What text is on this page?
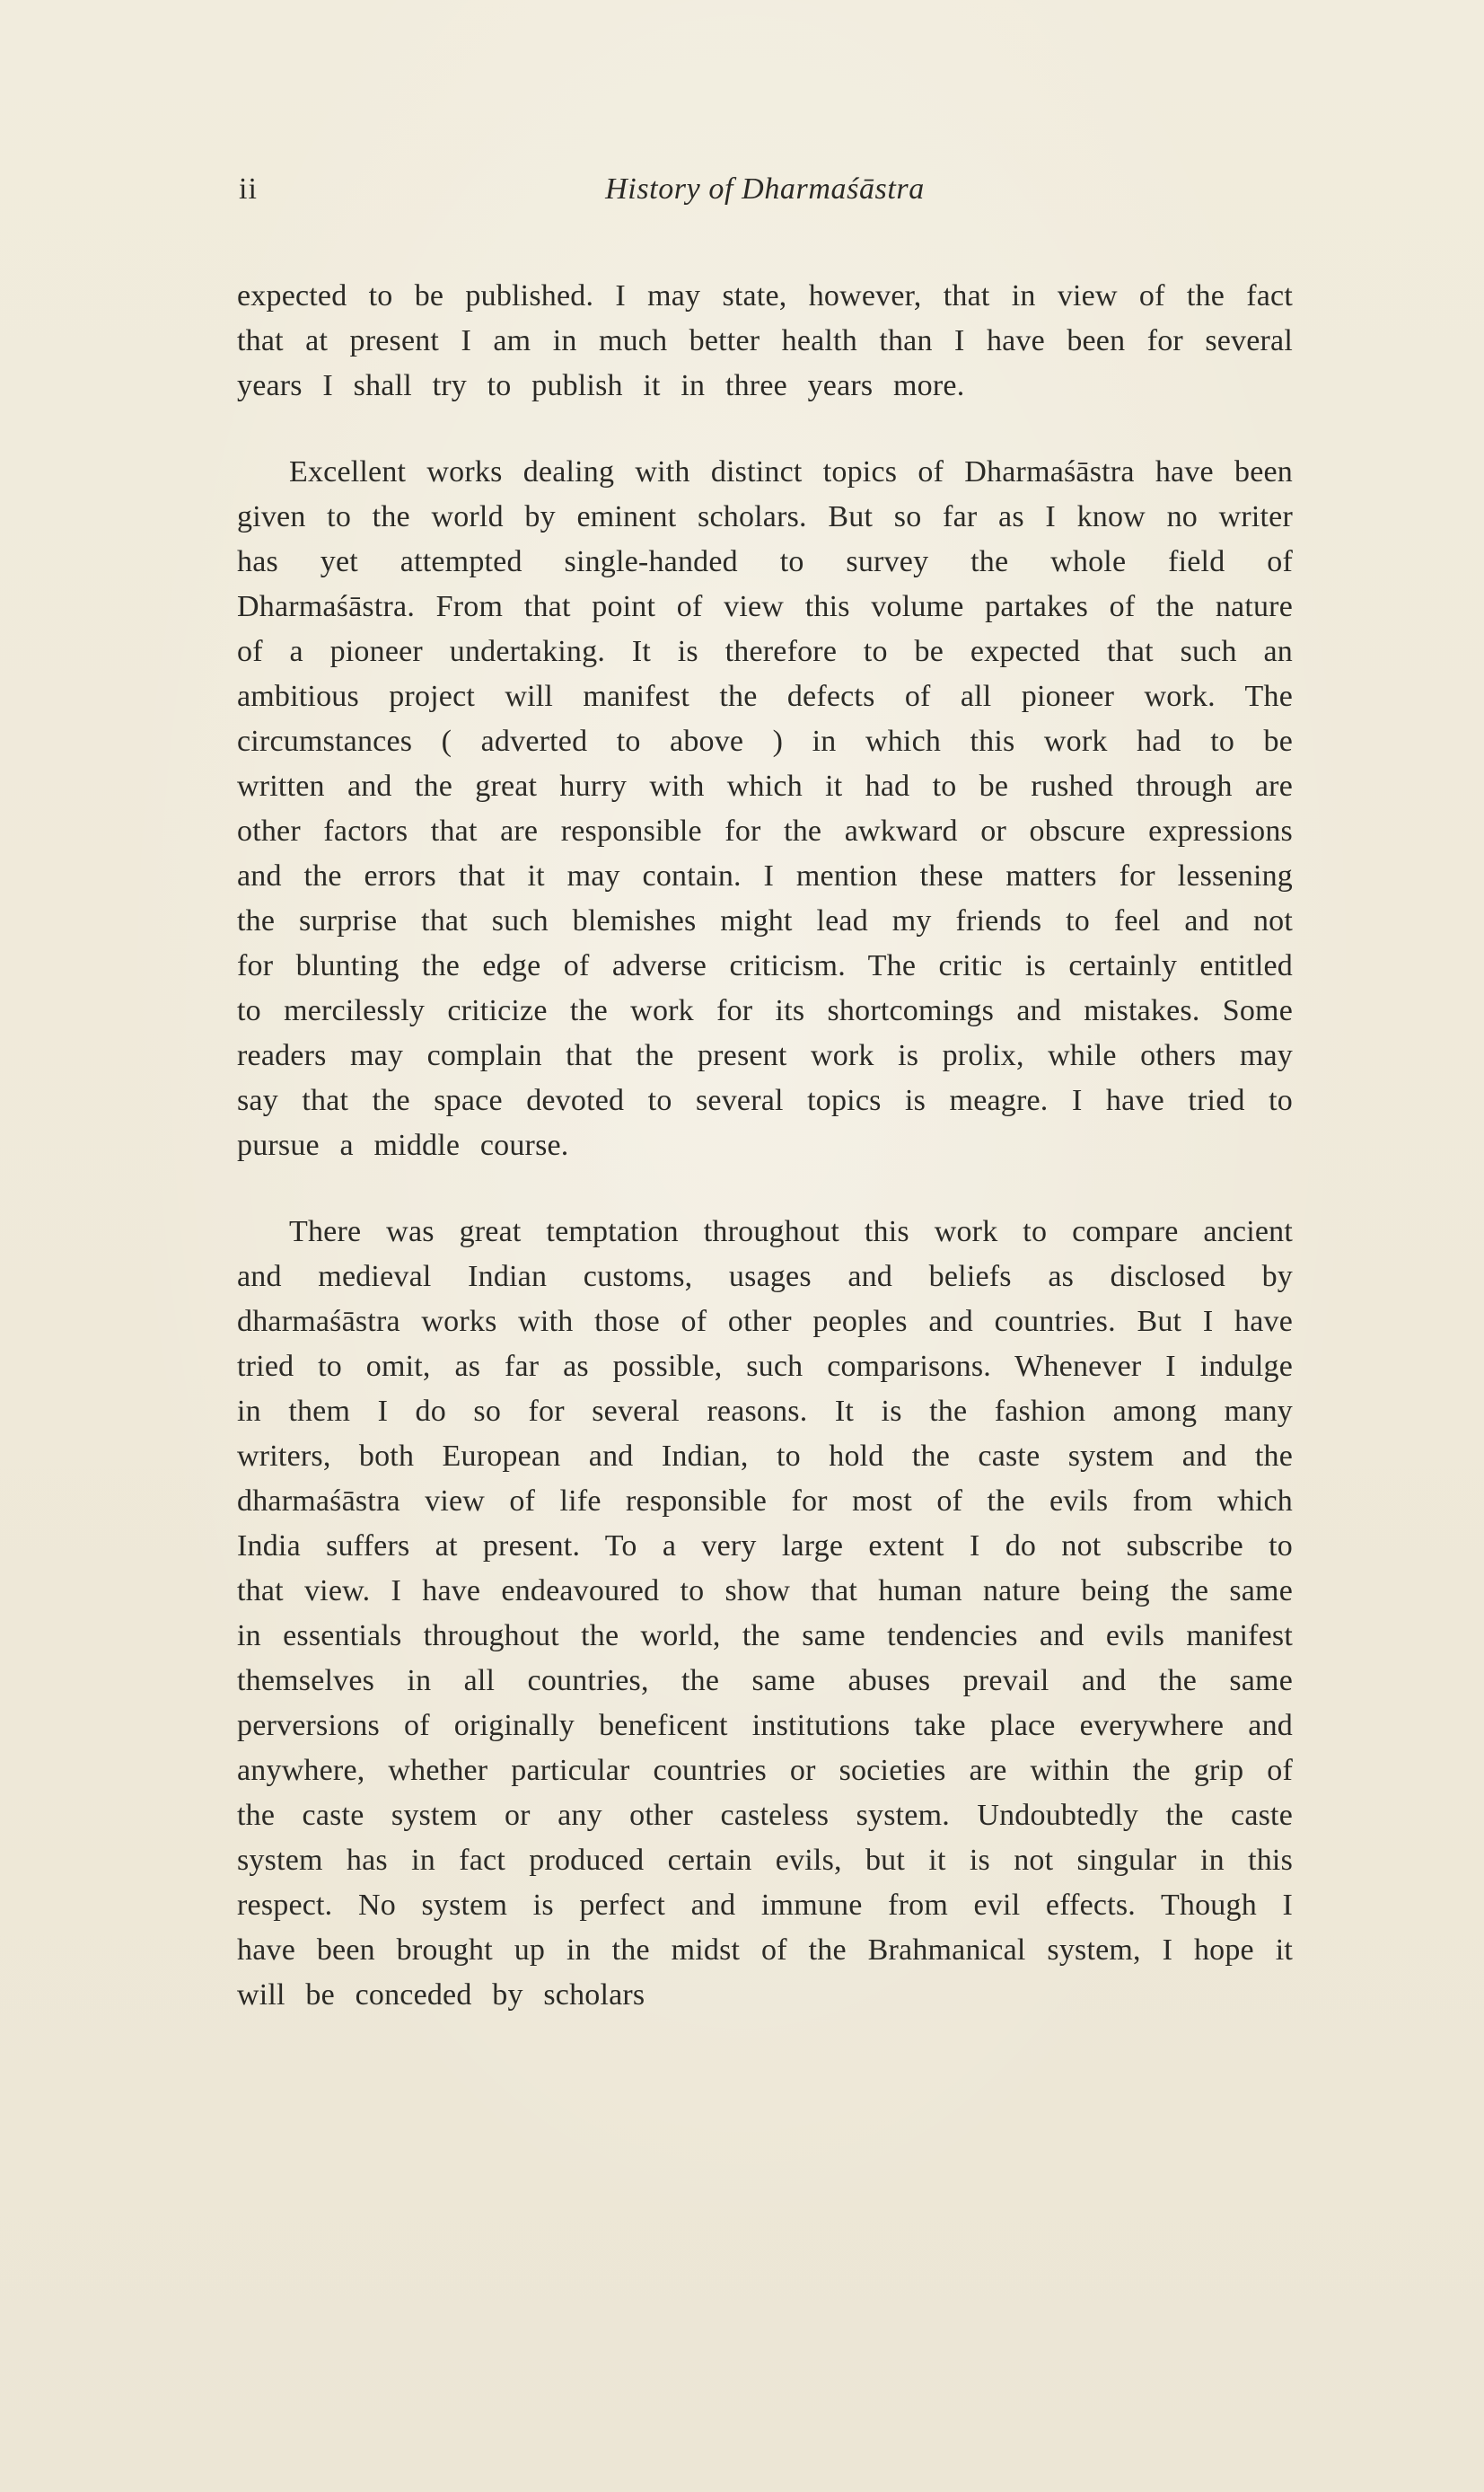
ii	History of Dharmaśāstra

expected to be published. I may state, however, that in view of the fact that at present I am in much better health than I have been for several years I shall try to publish it in three years more.

Excellent works dealing with distinct topics of Dharmaśāstra have been given to the world by eminent scholars. But so far as I know no writer has yet attempted single-handed to survey the whole field of Dharmaśāstra. From that point of view this volume partakes of the nature of a pioneer undertaking. It is therefore to be expected that such an ambitious project will manifest the defects of all pioneer work. The circumstances ( adverted to above ) in which this work had to be written and the great hurry with which it had to be rushed through are other factors that are responsible for the awkward or obscure expressions and the errors that it may contain. I mention these matters for lessening the surprise that such blemishes might lead my friends to feel and not for blunting the edge of adverse criticism. The critic is certainly entitled to mercilessly criticize the work for its shortcomings and mistakes. Some readers may complain that the present work is prolix, while others may say that the space devoted to several topics is meagre. I have tried to pursue a middle course.

There was great temptation throughout this work to compare ancient and medieval Indian customs, usages and beliefs as disclosed by dharmaśāstra works with those of other peoples and countries. But I have tried to omit, as far as possible, such comparisons. Whenever I indulge in them I do so for several reasons. It is the fashion among many writers, both European and Indian, to hold the caste system and the dharmaśāstra view of life responsible for most of the evils from which India suffers at present. To a very large extent I do not subscribe to that view. I have endeavoured to show that human nature being the same in essentials throughout the world, the same tendencies and evils manifest themselves in all countries, the same abuses prevail and the same perversions of originally beneficent institutions take place everywhere and anywhere, whether particular countries or societies are within the grip of the caste system or any other casteless system. Undoubtedly the caste system has in fact produced certain evils, but it is not singular in this respect. No system is perfect and immune from evil effects. Though I have been brought up in the midst of the Brahmanical system, I hope it will be conceded by scholars
